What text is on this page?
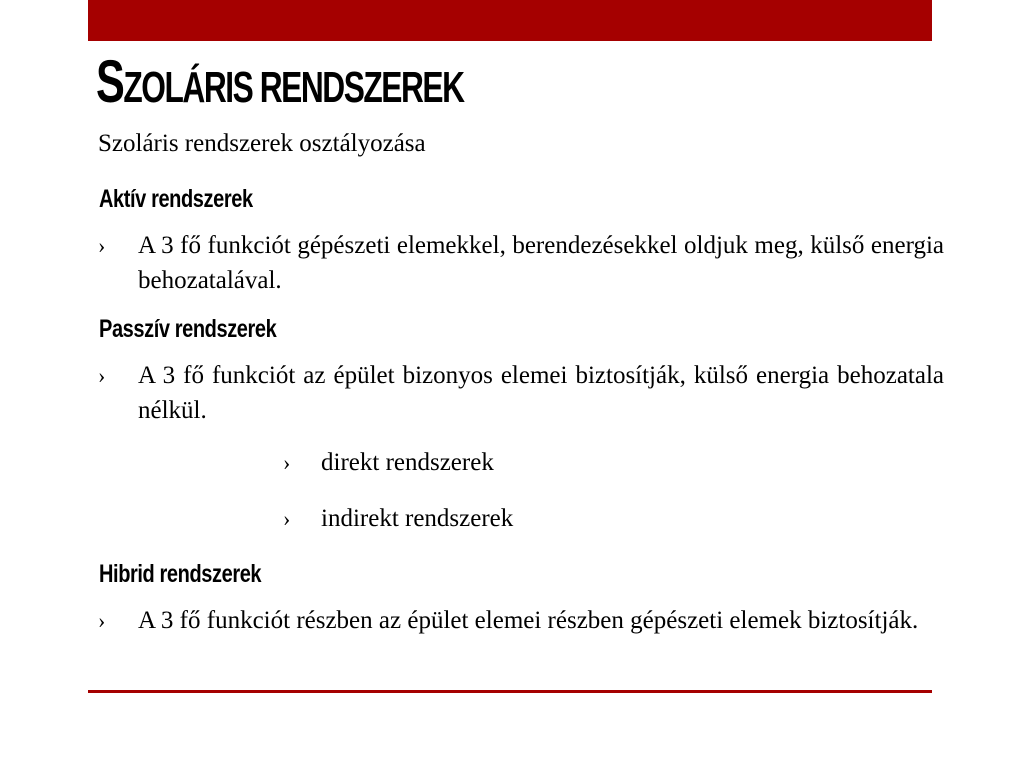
SZOLÁRIS RENDSZEREK
Szoláris rendszerek osztályozása
Aktív rendszerek
› A 3 fő funkciót gépészeti elemekkel, berendezésekkel oldjuk meg, külső energia behozatalával.
Passzív rendszerek
› A 3 fő funkciót az épület bizonyos elemei biztosítják, külső energia behozatala nélkül.
› direkt rendszerek
› indirekt rendszerek
Hibrid rendszerek
› A 3 fő funkciót részben az épület elemei részben gépészeti elemek biztosítják.
